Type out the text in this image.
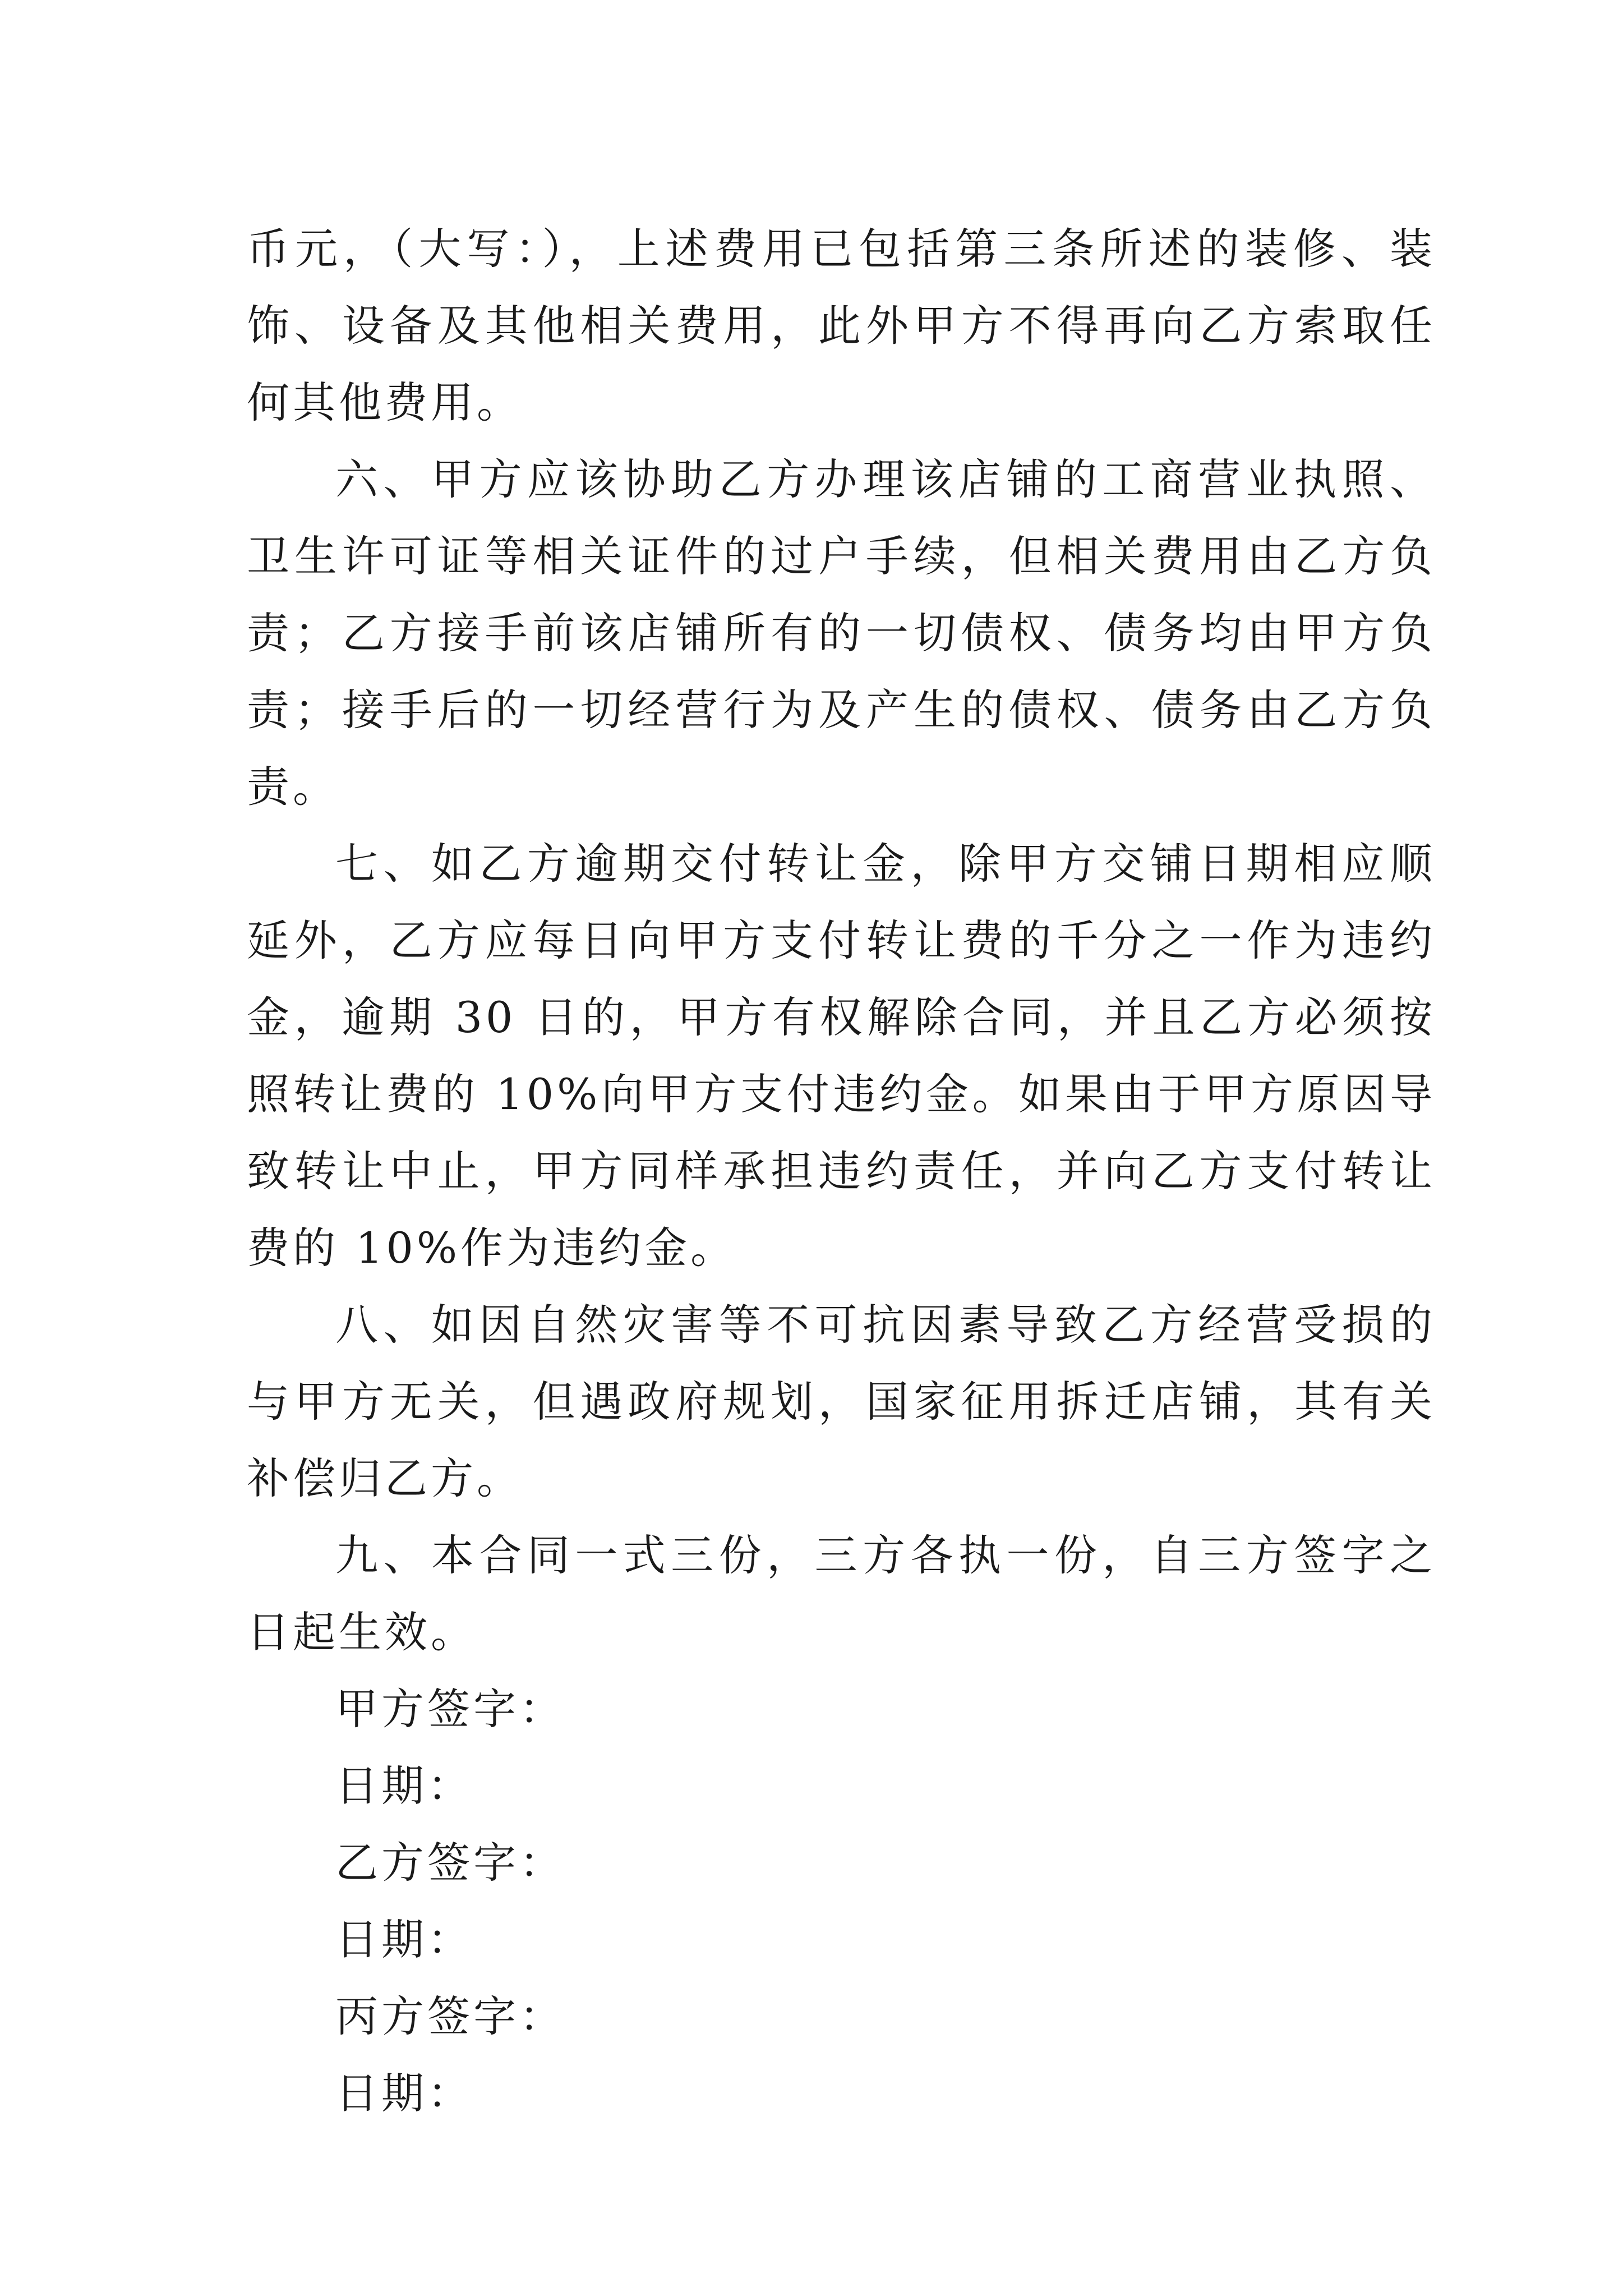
币元，（大写：），上述费用已包括第三条所述的装修、装饰、设备及其他相关费用，此外甲方不得再向乙方索取任何其他费用。

六、甲方应该协助乙方办理该店铺的工商营业执照、卫生许可证等相关证件的过户手续，但相关费用由乙方负责；乙方接手前该店铺所有的一切债权、债务均由甲方负责；接手后的一切经营行为及产生的债权、债务由乙方负责。

七、如乙方逾期交付转让金，除甲方交铺日期相应顺延外，乙方应每日向甲方支付转让费的千分之一作为违约金，逾期 30 日的，甲方有权解除合同，并且乙方必须按照转让费的 10%向甲方支付违约金。如果由于甲方原因导致转让中止，甲方同样承担违约责任，并向乙方支付转让费的 10%作为违约金。

八、如因自然灾害等不可抗因素导致乙方经营受损的与甲方无关，但遇政府规划，国家征用拆迁店铺，其有关补偿归乙方。

九、本合同一式三份，三方各执一份，自三方签字之日起生效。

甲方签字：

日期：

乙方签字：

日期：

丙方签字：

日期：
